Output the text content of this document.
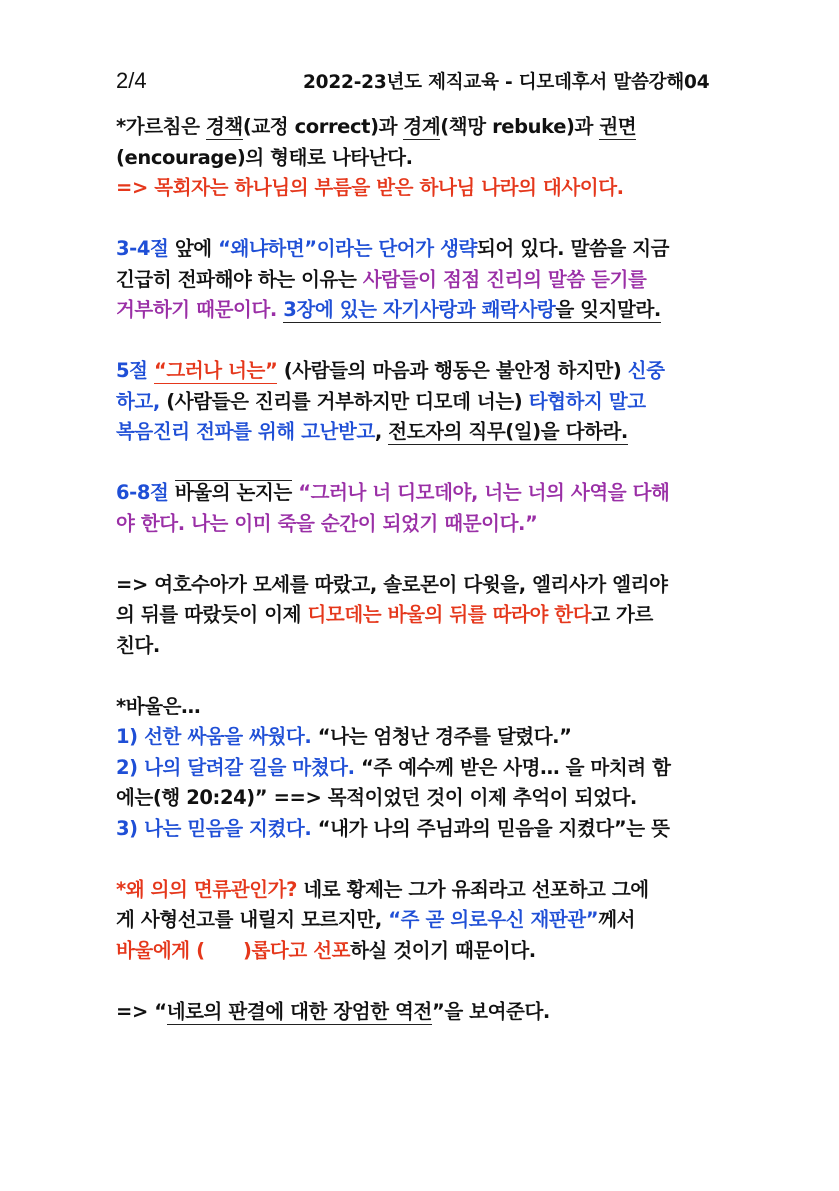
2/4	2022-23년도 제직교육 - 디모데후서 말씀강해04
*가르침은 경책(교정 correct)과 경계(책망 rebuke)과 권면
(encourage)의 형태로 나타난다.
=> 목회자는 하나님의 부름을 받은 하나님 나라의 대사이다.
3-4절 앞에 “왜냐하면”이라는 단어가 생략되어 있다. 말씀을 지금
긴급히 전파해야 하는 이유는 사람들이 점점 진리의 말씀 듣기를
거부하기 때문이다. 3장에 있는 자기사랑과 쾌락사랑을 잊지말라.
5절 “그러나 너는” (사람들의 마음과 행동은 불안정 하지만) 신중
하고, (사람들은 진리를 거부하지만 디모데 너는) 타협하지 말고
복음진리 전파를 위해 고난받고, 전도자의 직무(일)을 다하라.
6-8절 바울의 논지는 “그러나 너 디모데야, 너는 너의 사역을 다해
야 한다. 나는 이미 죽을 순간이 되었기 때문이다.”
=> 여호수아가 모세를 따랐고, 솔로몬이 다윗을, 엘리사가 엘리야
의 뒤를 따랐듯이 이제 디모데는 바울의 뒤를 따라야 한다고 가르
친다.
*바울은…
1) 선한 싸움을 싸웠다. “나는 엄청난 경주를 달렸다.”
2) 나의 달려갈 길을 마쳤다. “주 예수께 받은 사명… 을 마치려 함
에는(행 20:24)” ==> 목적이었던 것이 이제 추억이 되었다.
3) 나는 믿음을 지켰다. “내가 나의 주님과의 믿음을 지켰다”는 뜻
*왜 의의 면류관인가? 네로 황제는 그가 유죄라고 선포하고 그에
게 사형선고를 내릴지 모르지만, “주 곧 의로우신 재판관”께서
바울에게 (      )롭다고 선포하실 것이기 때문이다.
=> “네로의 판결에 대한 장엄한 역전”을 보여준다.
